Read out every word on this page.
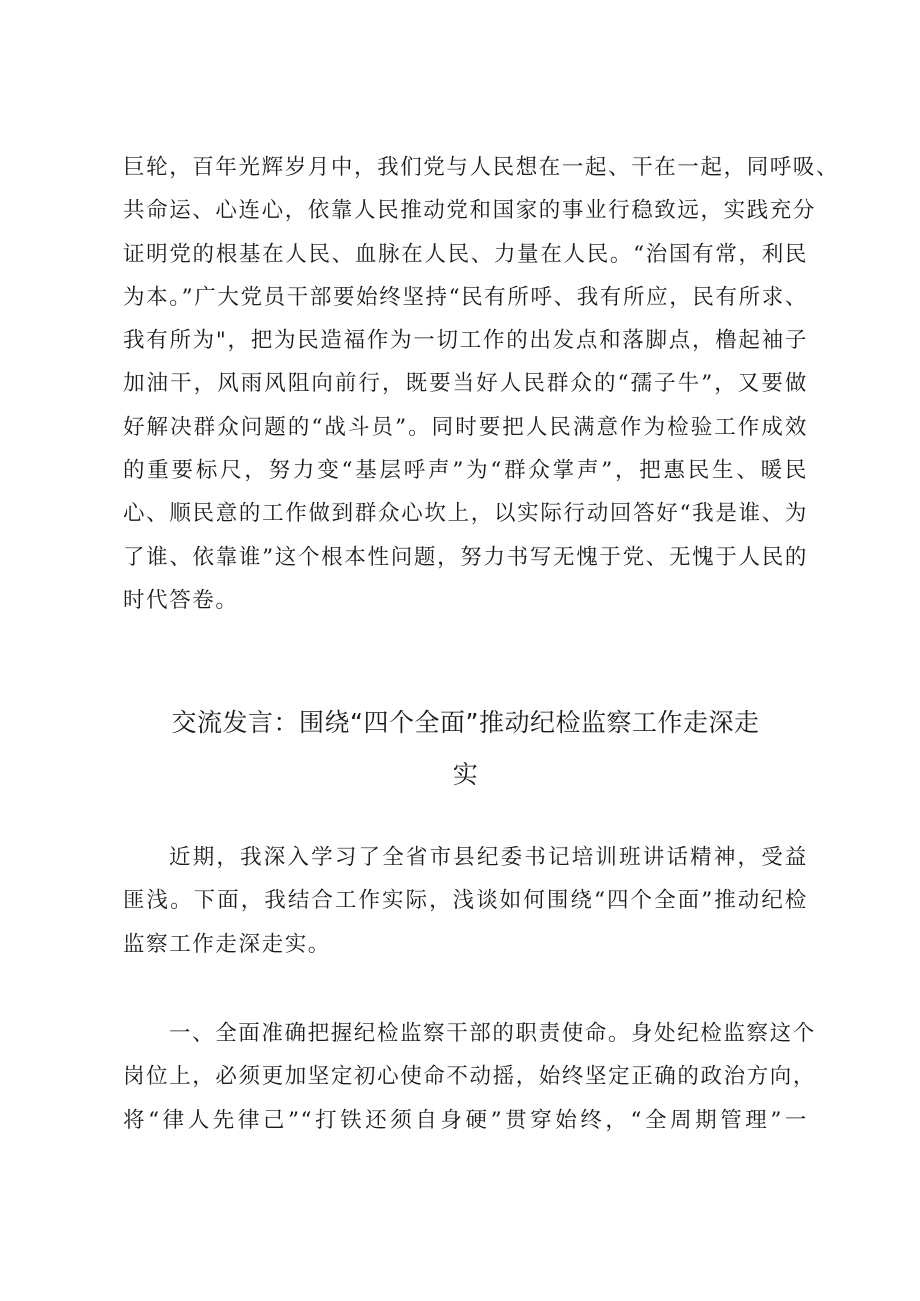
巨轮，百年光辉岁月中，我们党与人民想在一起、干在一起，同呼吸、
共命运、心连心，依靠人民推动党和国家的事业行稳致远，实践充分
证明党的根基在人民、血脉在人民、力量在人民。“治国有常，利民
为本。”广大党员干部要始终坚持“民有所呼、我有所应，民有所求、
我有所为"，把为民造福作为一切工作的出发点和落脚点，橹起袖子
加油干，风雨风阻向前行，既要当好人民群众的“孺子牛”，又要做
好解决群众问题的“战斗员”。同时要把人民满意作为检验工作成效
的重要标尺，努力变“基层呼声”为“群众掌声”，把惠民生、暖民
心、顺民意的工作做到群众心坎上，以实际行动回答好“我是谁、为
了谁、依靠谁”这个根本性问题，努力书写无愧于党、无愧于人民的
时代答卷。
交流发言：围绕“四个全面”推动纪检监察工作走深走
实
近期，我深入学习了全省市县纪委书记培训班讲话精神，受益
匪浅。下面，我结合工作实际，浅谈如何围绕“四个全面”推动纪检
监察工作走深走实。
一、全面准确把握纪检监察干部的职责使命。身处纪检监察这个
岗位上，必须更加坚定初心使命不动摇，始终坚定正确的政治方向，
将“律人先律己”“打铁还须自身硬”贯穿始终，“全周期管理”一
